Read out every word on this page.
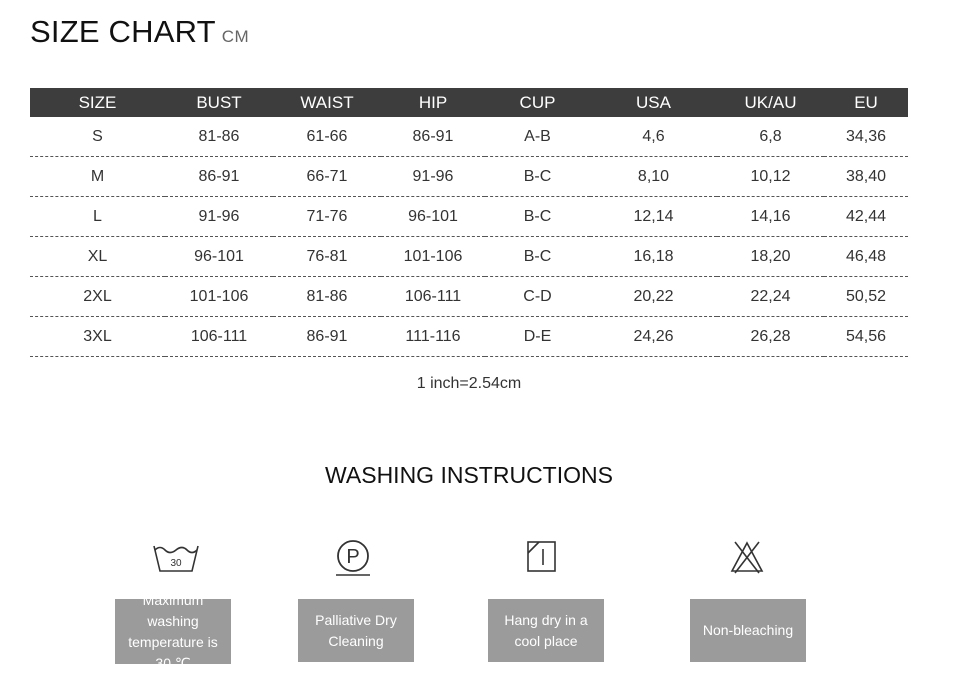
SIZE CHART CM
SIZE	BUST	WAIST	HIP	CUP	USA	UK/AU	EU
S	81-86	61-66	86-91	A-B	4,6	6,8	34,36
M	86-91	66-71	91-96	B-C	8,10	10,12	38,40
L	91-96	71-76	96-101	B-C	12,14	14,16	42,44
XL	96-101	76-81	101-106	B-C	16,18	18,20	46,48
2XL	101-106	81-86	106-111	C-D	20,22	22,24	50,52
3XL	106-111	86-91	111-116	D-E	24,26	26,28	54,56
1 inch=2.54cm
WASHING INSTRUCTIONS
30	P
Maximum washing temperature is 30 ℃
Palliative Dry Cleaning
Hang dry in a cool place
Non-bleaching
